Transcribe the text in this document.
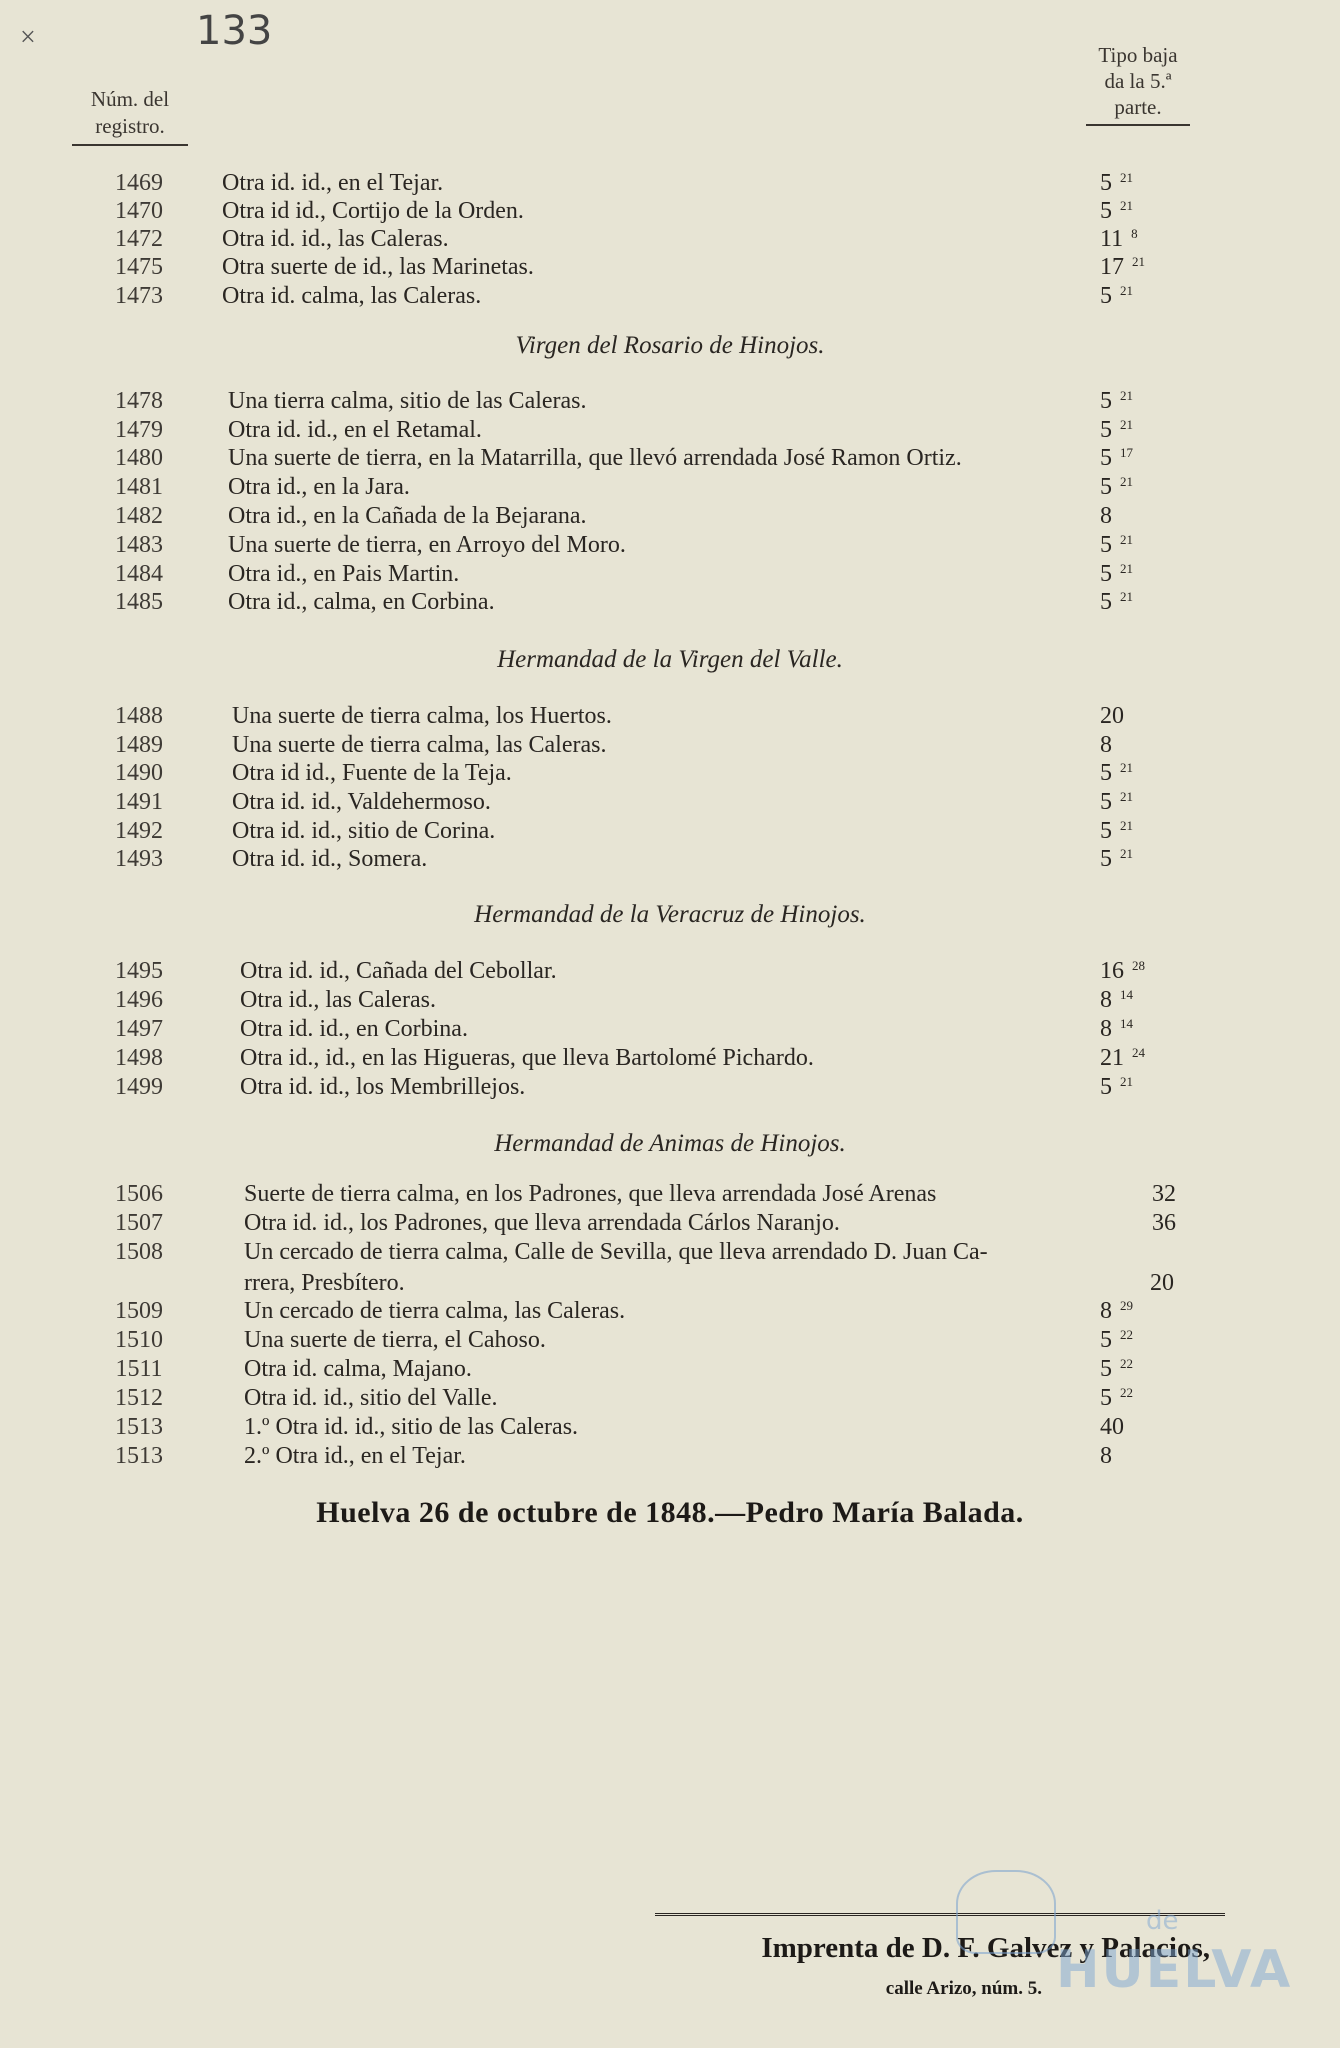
×	133
Núm. del
registro.
Tipo baja
da la 5.ª
parte.
1469	Otra id. id., en el Tejar.	5 $^{21}$
1470	Otra id id., Cortijo de la Orden.	5 $^{21}$
1472	Otra id. id., las Caleras.	11 $^8$
1475	Otra suerte de id., las Marinetas.	17 $^{21}$
1473	Otra id. calma, las Caleras.	5 $^{21}$
Virgen del Rosario de Hinojos.
1478	Una tierra calma, sitio de las Caleras.	5 $^{21}$
1479	Otra id. id., en el Retamal.	5 $^{21}$
1480	Una suerte de tierra, en la Matarrilla, que llevó arrendada José Ramon Ortiz.	5 $^{17}$
1481	Otra id., en la Jara.	5 $^{21}$
1482	Otra id., en la Cañada de la Bejarana.	8
1483	Una suerte de tierra, en Arroyo del Moro.	5 $^{21}$
1484	Otra id., en Pais Martin.	5 $^{21}$
1485	Otra id., calma, en Corbina.	5 $^{21}$
Hermandad de la Virgen del Valle.
1488	Una suerte de tierra calma, los Huertos.	20
1489	Una suerte de tierra calma, las Caleras.	8
1490	Otra id id., Fuente de la Teja.	5 $^{21}$
1491	Otra id. id., Valdehermoso.	5 $^{21}$
1492	Otra id. id., sitio de Corina.	5 $^{21}$
1493	Otra id. id., Somera.	5 $^{21}$
Hermandad de la Veracruz de Hinojos.
1495	Otra id. id., Cañada del Cebollar.	16 $^{28}$
1496	Otra id., las Caleras.	8 $^{14}$
1497	Otra id. id., en Corbina.	8 $^{14}$
1498	Otra id., id., en las Higueras, que lleva Bartolomé Pichardo.	21 $^{24}$
1499	Otra id. id., los Membrillejos.	5 $^{21}$
Hermandad de Animas de Hinojos.
1506	Suerte de tierra calma, en los Padrones, que lleva arrendada José Arenas	32
1507	Otra id. id., los Padrones, que lleva arrendada Cárlos Naranjo.	36
1508	Un cercado de tierra calma, Calle de Sevilla, que lleva arrendado D. Juan Ca-
rrera, Presbítero.	20
1509	Un cercado de tierra calma, las Caleras.	8 $^{29}$
1510	Una suerte de tierra, el Cahoso.	5 $^{22}$
1511	Otra id. calma, Majano.	5 $^{22}$
1512	Otra id. id., sitio del Valle.	5 $^{22}$
1513	1.º Otra id. id., sitio de las Caleras.	40
1513	2.º Otra id., en el Tejar.	8
Huelva 26 de octubre de 1848.—Pedro María Balada.
Imprenta de D. F. Galvez y Palacios,
calle Arizo, núm. 5.
de
HUELVA
